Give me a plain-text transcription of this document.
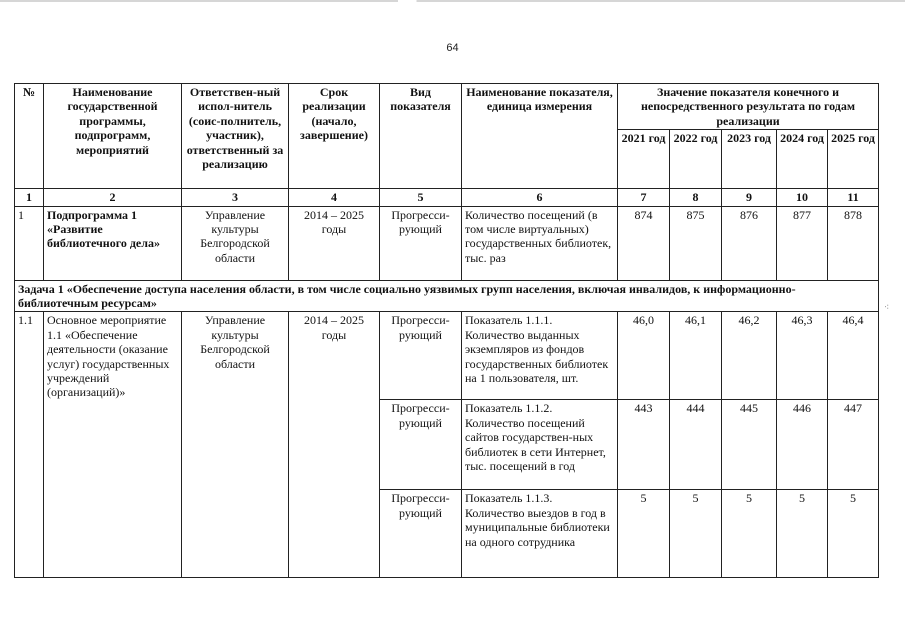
64
№	Наименование государственной программы, подпрограмм, мероприятий	Ответствен-ный испол-нитель (соис-полнитель, участник), ответственный за реализацию	Срок реализации (начало, завершение)	Вид показателя	Наименование показателя, единица измерения	Значение показателя конечного и непосредственного результата по годам реализации				
						2021 год	2022 год	2023 год	2024 год	2025 год
1	2	3	4	5	6	7	8	9	10	11
1	Подпрограмма 1 «Развитие библиотечного дела»	Управление культуры Белгородской области	2014 – 2025 годы	Прогресси-рующий	Количество посещений (в том числе виртуальных) государственных библиотек, тыс. раз	874	875	876	877	878
Задача 1 «Обеспечение доступа населения области, в том числе социально уязвимых групп населения, включая инвалидов, к информационно-библиотечным ресурсам»										
1.1	Основное мероприятие 1.1 «Обеспечение деятельности (оказание услуг) государственных учреждений (организаций)»	Управление культуры Белгородской области	2014 – 2025 годы	Прогресси-рующий	Показатель 1.1.1. Количество выданных экземпляров из фондов государственных библиотек на 1 пользователя, шт.	46,0	46,1	46,2	46,3	46,4
				Прогресси-рующий	Показатель 1.1.2. Количество посещений сайтов государствен-ных библиотек в сети Интернет, тыс. посещений в год	443	444	445	446	447
				Прогресси-рующий	Показатель 1.1.3. Количество выездов в год в муниципальные библиотеки на одного сотрудника	5	5	5	5	5
⁖
